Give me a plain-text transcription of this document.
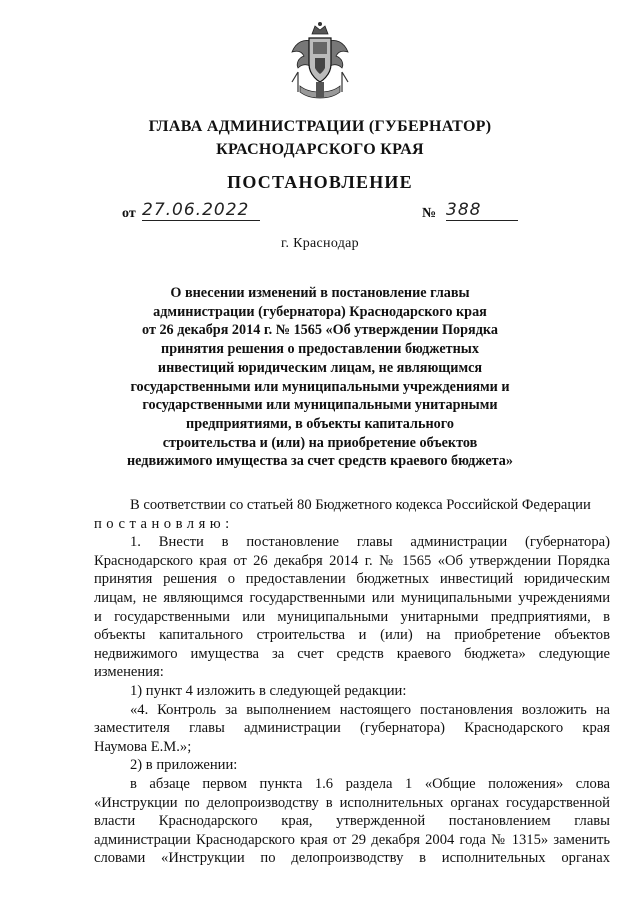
ГЛАВА АДМИНИСТРАЦИИ (ГУБЕРНАТОР)
КРАСНОДАРСКОГО КРАЯ
ПОСТАНОВЛЕНИЕ
от 27.06.2022	№ 388
г. Краснодар
О внесении изменений в постановление главы
администрации (губернатора) Краснодарского края
от 26 декабря 2014 г. № 1565 «Об утверждении Порядка
принятия решения о предоставлении бюджетных
инвестиций юридическим лицам, не являющимся
государственными или муниципальными учреждениями и
государственными или муниципальными унитарными
предприятиями, в объекты капитального
строительства и (или) на приобретение объектов
недвижимого имущества за счет средств краевого бюджета»
В соответствии со статьей 80 Бюджетного кодекса Российской Федерации
постановляю:
1. Внести в постановление главы администрации (губернатора)
Краснодарского края от 26 декабря 2014 г. № 1565 «Об утверждении Порядка
принятия решения о предоставлении бюджетных инвестиций юридическим
лицам, не являющимся государственными или муниципальными учреждениями
и государственными или муниципальными унитарными предприятиями, в
объекты капитального строительства и (или) на приобретение объектов
недвижимого имущества за счет средств краевого бюджета» следующие
изменения:
1) пункт 4 изложить в следующей редакции:
«4. Контроль за выполнением настоящего постановления возложить на
заместителя главы администрации (губернатора) Краснодарского края
Наумова Е.М.»;
2) в приложении:
в абзаце первом пункта 1.6 раздела 1 «Общие положения» слова
«Инструкции по делопроизводству в исполнительных органах государственной
власти Краснодарского края, утвержденной постановлением главы
администрации Краснодарского края от 29 декабря 2004 года № 1315» заменить
словами «Инструкции по делопроизводству в исполнительных органах
